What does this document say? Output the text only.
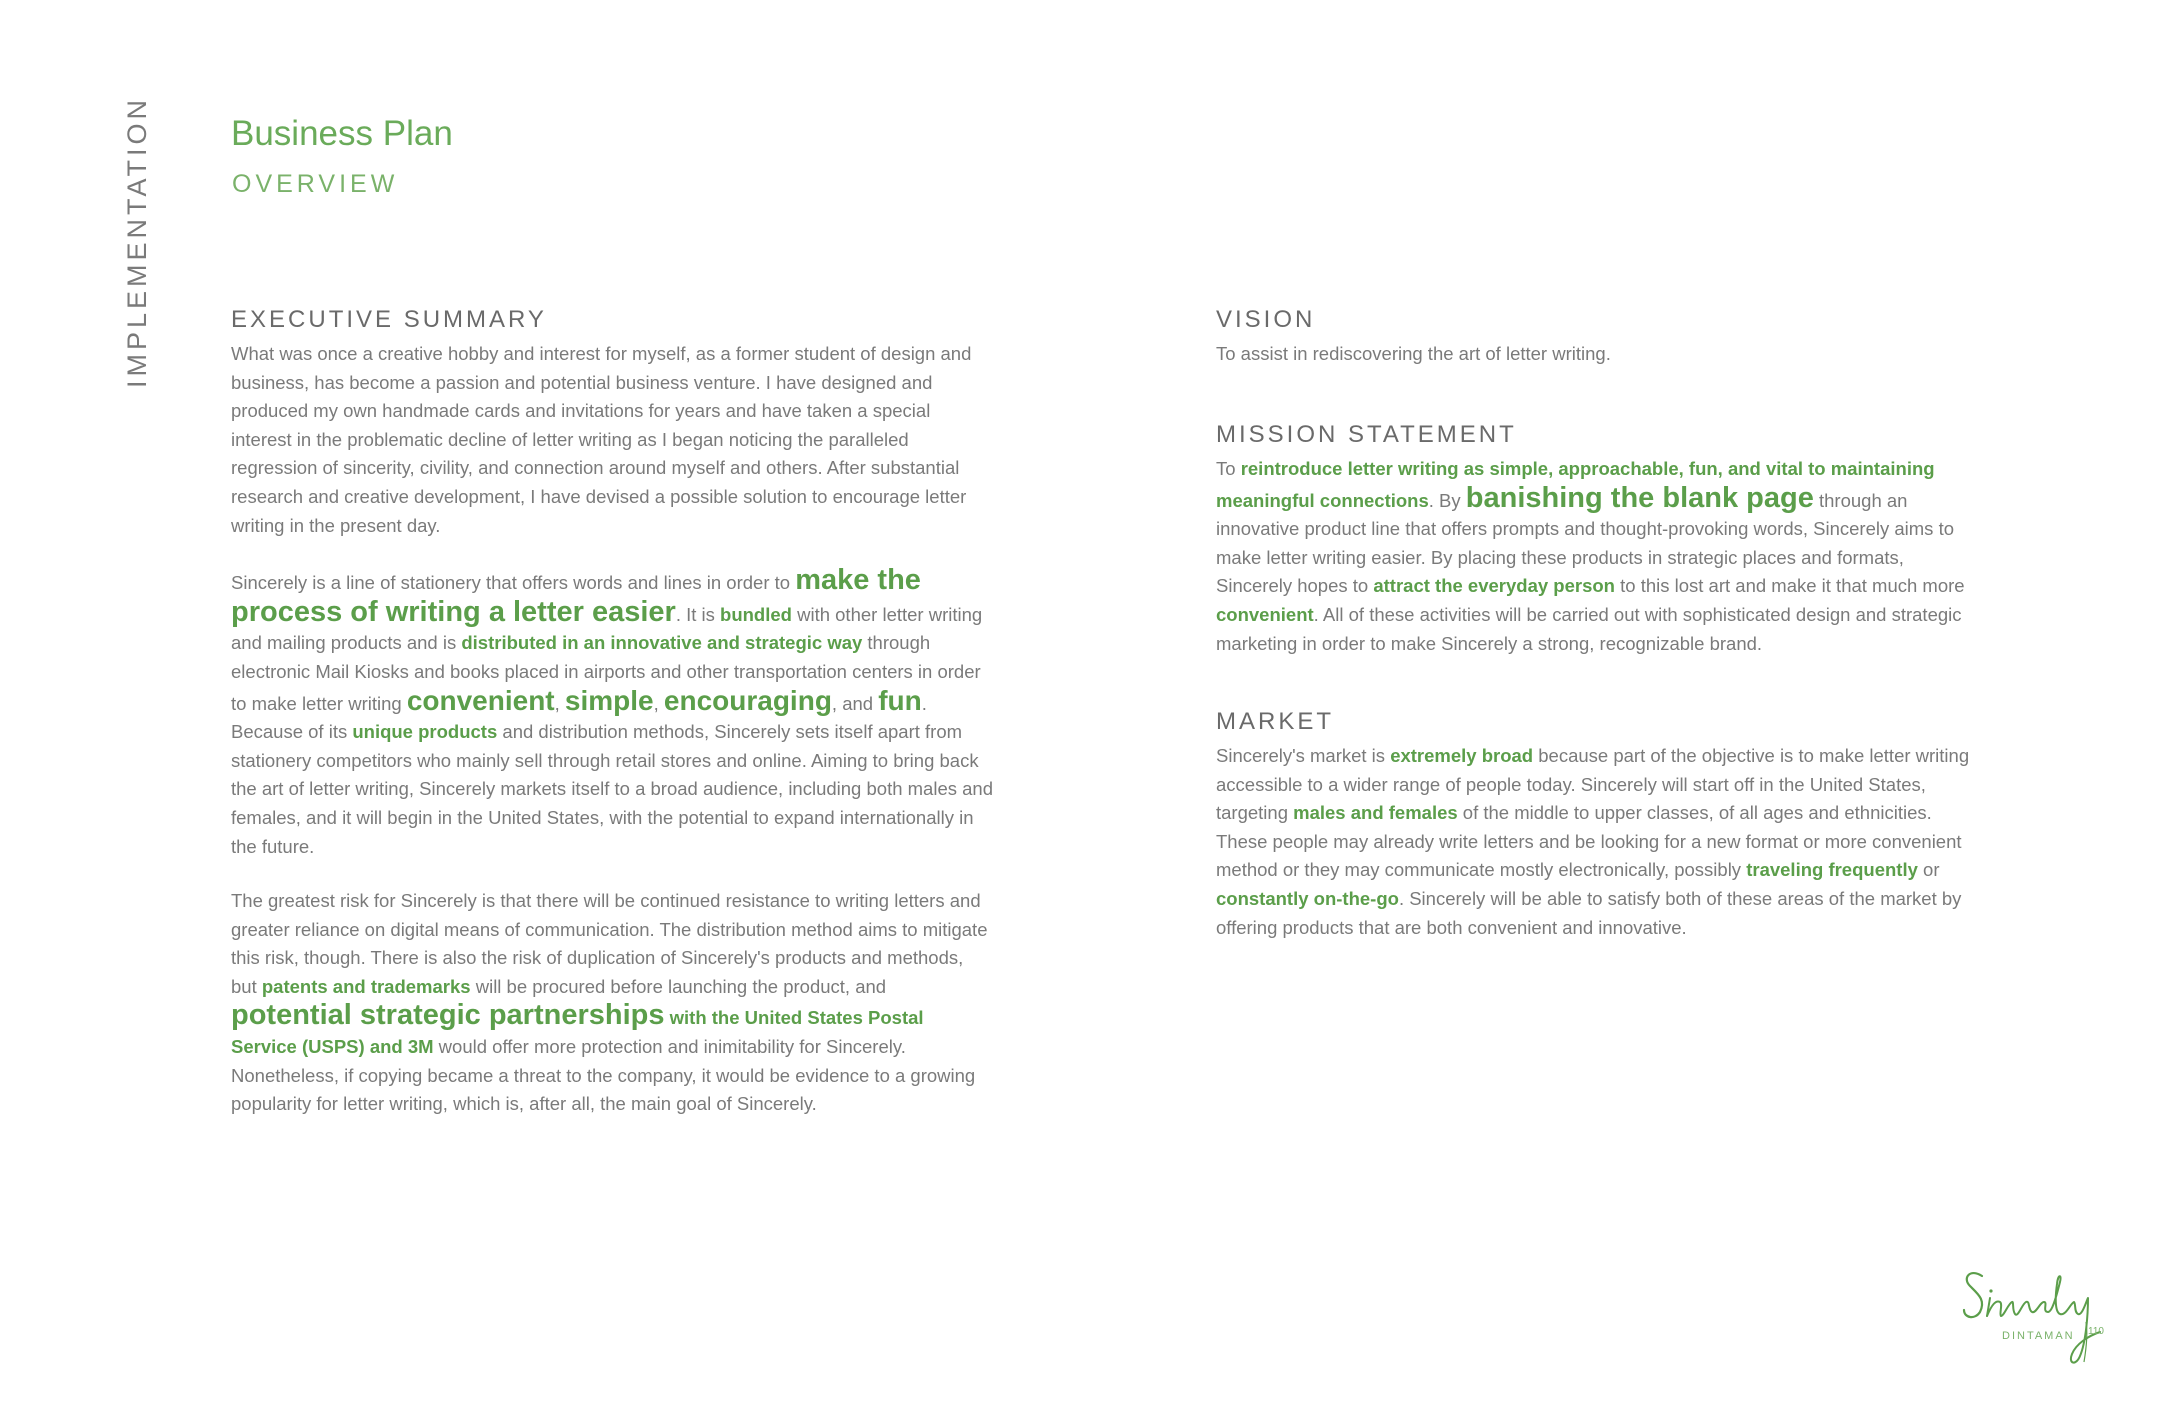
IMPLEMENTATION Business Plan
OVERVIEW
EXECUTIVE SUMMARY

What was once a creative hobby and interest for myself, as a former student of design and business, has become a passion and potential business venture. I have designed and produced my own handmade cards and invitations for years and have taken a special interest in the problematic decline of letter writing as I began noticing the paralleled regression of sincerity, civility, and connection around myself and others. After substantial research and creative development, I have devised a possible solution to encourage letter writing in the present day.

Sincerely is a line of stationery that offers words and lines in order to make the process of writing a letter easier. It is bundled with other letter writing and mailing products and is distributed in an innovative and strategic way through electronic Mail Kiosks and books placed in airports and other transportation centers in order to make letter writing convenient, simple, encouraging, and fun. Because of its unique products and distribution methods, Sincerely sets itself apart from stationery competitors who mainly sell through retail stores and online. Aiming to bring back the art of letter writing, Sincerely markets itself to a broad audience, including both males and females, and it will begin in the United States, with the potential to expand internationally in the future.

The greatest risk for Sincerely is that there will be continued resistance to writing letters and greater reliance on digital means of communication. The distribution method aims to mitigate this risk, though. There is also the risk of duplication of Sincerely's products and methods, but patents and trademarks will be procured before launching the product, and potential strategic partnerships with the United States Postal Service (USPS) and 3M would offer more protection and inimitability for Sincerely. Nonetheless, if copying became a threat to the company, it would be evidence to a growing popularity for letter writing, which is, after all, the main goal of Sincerely.

VISION

To assist in rediscovering the art of letter writing.

MISSION STATEMENT

To reintroduce letter writing as simple, approachable, fun, and vital to maintaining meaningful connections. By banishing the blank page through an innovative product line that offers prompts and thought-provoking words, Sincerely aims to make letter writing easier. By placing these products in strategic places and formats, Sincerely hopes to attract the everyday person to this lost art and make it that much more convenient. All of these activities will be carried out with sophisticated design and strategic marketing in order to make Sincerely a strong, recognizable brand.

MARKET

Sincerely's market is extremely broad because part of the objective is to make letter writing accessible to a wider range of people today. Sincerely will start off in the United States, targeting males and females of the middle to upper classes, of all ages and ethnicities. These people may already write letters and be looking for a new format or more convenient method or they may communicate mostly electronically, possibly traveling frequently or constantly on-the-go. Sincerely will be able to satisfy both of these areas of the market by offering products that are both convenient and innovative.

DINTAMAN 110
